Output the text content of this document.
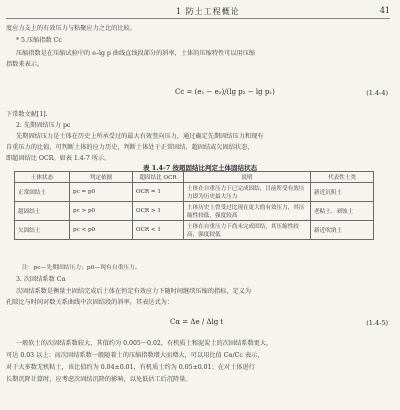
1 防土工程概论	41
度应力支上的有效压力与粘聚应力之比的比较。
* 5.压缩指数 Cc
压缩指数是在压缩试验中的 e–lg p 曲线直线段部分的斜率，土体的压缩特性可以用压缩
指数来表示。
Cc = (e₁ − e₂)/(lg p₂ − lg p₁)	(1.4-4)
下常数文献[1].
2. 先期固结压力 pc
先期固结压力是土体在历史上所承受过的最大有效竖向压力，通过确定先期固结压力和现有
自重压力的比值，可判断土体的应力历史，判断土体处于正常固结、超固结或欠固结状态，
即超固结比 OCR。如表 1.4-7 所示。
表 1.4-7 按超固结比判定土体固结状态
土体状态	判定依据	超固结比 OCR	说明	代表性土类
正常固结土	pc = p0	OCR = 1	土体在自重压力下已完成固结，目前所受有效压力即为历史最大压力	新近沉积土
超固结土	pc > p0	OCR > 1	土体历史上曾受过比现在更大的有效压力，其压缩性较低，强度较高	老粘土、剥蚀土
欠固结土	pc < p0	OCR < 1	土体在自重压力下尚未完成固结，其压缩性较高，强度较低	新近吹填土
注：pc—先期固结压力；p0—现有自重压力。
3. 次固结系数 Cα
次固结系数是衡量主固结完成后土体在恒定有效应力下随时间继续压缩的指标，定义为
孔隙比与时间对数关系曲线中次固结段的斜率，其表达式为：
Cα = Δe / Δlg t	(1.4-5)
一般软土的次固结系数较大，其值约为 0.005～0.02，有机质土和泥炭土的次固结系数更大，
可达 0.03 以上；而次固结系数一般随着土的压缩指数增大而增大，可以用比值 Cα/Cc 表示，
对于大多数无机粘土，该比值约为 0.04±0.01，有机质土约为 0.05±0.01；在对土体进行
长期沉降计算时，应考虑次固结沉降的影响，以免低估工后沉降量。
